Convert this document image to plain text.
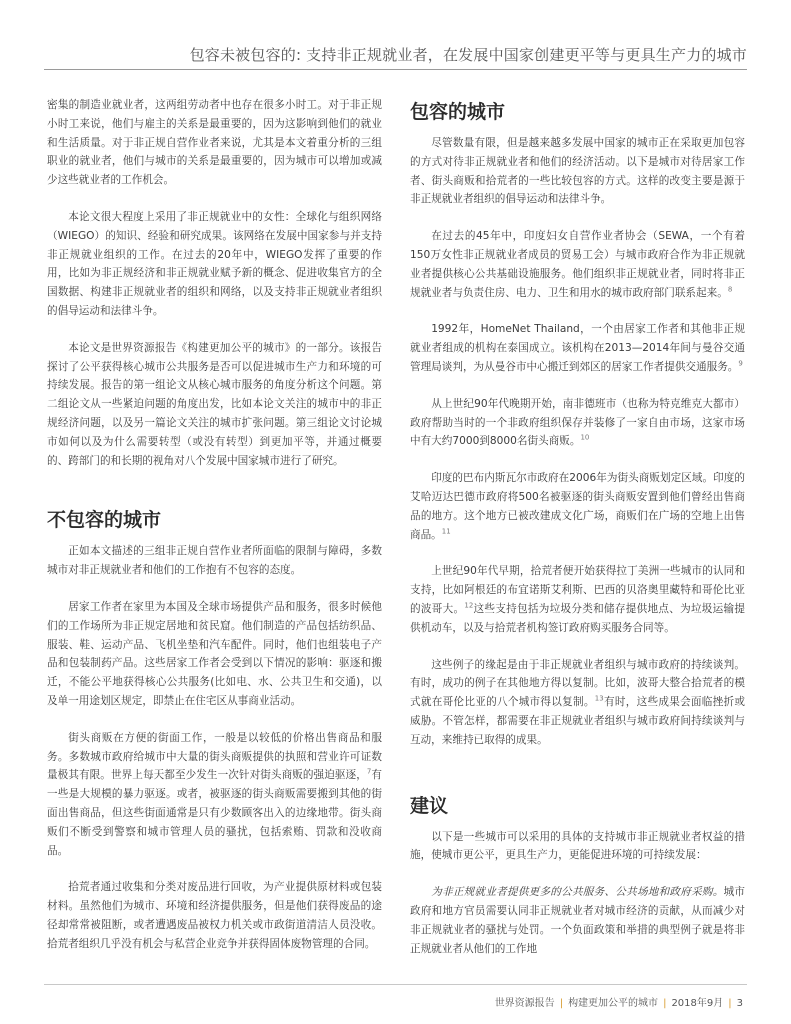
包容未被包容的: 支持非正规就业者，在发展中国家创建更平等与更具生产力的城市

密集的制造业就业者，这两组劳动者中也存在很多小时工。对于非正规小时工来说，他们与雇主的关系是最重要的，因为这影响到他们的就业和生活质量。对于非正规自营作业者来说，尤其是本文着重分析的三组职业的就业者，他们与城市的关系是最重要的，因为城市可以增加或减少这些就业者的工作机会。

本论文很大程度上采用了非正规就业中的女性：全球化与组织网络（WIEGO）的知识、经验和研究成果。该网络在发展中国家参与并支持非正规就业组织的工作。在过去的20年中，WIEGO发挥了重要的作用，比如为非正规经济和非正规就业赋予新的概念、促进收集官方的全国数据、构建非正规就业者的组织和网络，以及支持非正规就业者组织的倡导运动和法律斗争。

本论文是世界资源报告《构建更加公平的城市》的一部分。该报告探讨了公平获得核心城市公共服务是否可以促进城市生产力和环境的可持续发展。报告的第一组论文从核心城市服务的角度分析这个问题。第二组论文从一些紧迫问题的角度出发，比如本论文关注的城市中的非正规经济问题，以及另一篇论文关注的城市扩张问题。第三组论文讨论城市如何以及为什么需要转型（或没有转型）到更加平等，并通过概要的、跨部门的和长期的视角对八个发展中国家城市进行了研究。

不包容的城市

正如本文描述的三组非正规自营作业者所面临的限制与障碍，多数城市对非正规就业者和他们的工作抱有不包容的态度。

居家工作者在家里为本国及全球市场提供产品和服务，很多时候他们的工作场所为非正规定居地和贫民窟。他们制造的产品包括纺织品、服装、鞋、运动产品、飞机坐垫和汽车配件。同时，他们也组装电子产品和包装制药产品。这些居家工作者会受到以下情况的影响：驱逐和搬迁，不能公平地获得核心公共服务(比如电、水、公共卫生和交通)，以及单一用途划区规定，即禁止在住宅区从事商业活动。

街头商贩在方便的街面工作，一般是以较低的价格出售商品和服务。多数城市政府给城市中大量的街头商贩提供的执照和营业许可证数量极其有限。世界上每天都至少发生一次针对街头商贩的强迫驱逐，$^7$有一些是大规模的暴力驱逐。或者，被驱逐的街头商贩需要搬到其他的街面出售商品，但这些街面通常是只有少数顾客出入的边缘地带。街头商贩们不断受到警察和城市管理人员的骚扰，包括索贿、罚款和没收商品。

拾荒者通过收集和分类对废品进行回收，为产业提供原材料或包装材料。虽然他们为城市、环境和经济提供服务，但是他们获得废品的途径却常常被阻断，或者遭遇废品被权力机关或市政街道清洁人员没收。拾荒者组织几乎没有机会与私营企业竞争并获得固体废物管理的合同。

包容的城市

尽管数量有限，但是越来越多发展中国家的城市正在采取更加包容的方式对待非正规就业者和他们的经济活动。以下是城市对待居家工作者、街头商贩和拾荒者的一些比较包容的方式。这样的改变主要是源于非正规就业者组织的倡导运动和法律斗争。

在过去的45年中，印度妇女自营作业者协会（SEWA，一个有着150万女性非正规就业者成员的贸易工会）与城市政府合作为非正规就业者提供核心公共基础设施服务。他们组织非正规就业者，同时将非正规就业者与负责住房、电力、卫生和用水的城市政府部门联系起来。$^8$

1992年，HomeNet Thailand，一个由居家工作者和其他非正规就业者组成的机构在泰国成立。该机构在2013—2014年间与曼谷交通管理局谈判，为从曼谷市中心搬迁到郊区的居家工作者提供交通服务。$^9$

从上世纪90年代晚期开始，南非德班市（也称为特克维克大都市）政府帮助当时的一个非政府组织保存并装修了一家自由市场，这家市场中有大约7000到8000名街头商贩。$^{10}$

印度的巴布内斯瓦尔市政府在2006年为街头商贩划定区域。印度的艾哈迈达巴德市政府将500名被驱逐的街头商贩安置到他们曾经出售商品的地方。这个地方已被改建成文化广场，商贩们在广场的空地上出售商品。$^{11}$

上世纪90年代早期，拾荒者便开始获得拉丁美洲一些城市的认同和支持，比如阿根廷的布宜诺斯艾利斯、巴西的贝洛奥里藏特和哥伦比亚的波哥大。$^{12}$这些支持包括为垃圾分类和储存提供地点、为垃圾运输提供机动车，以及与拾荒者机构签订政府购买服务合同等。

这些例子的缘起是由于非正规就业者组织与城市政府的持续谈判。有时，成功的例子在其他地方得以复制。比如，波哥大整合拾荒者的模式就在哥伦比亚的八个城市得以复制。$^{13}$有时，这些成果会面临挫折或威胁。不管怎样，都需要在非正规就业者组织与城市政府间持续谈判与互动，来维持已取得的成果。

建议

以下是一些城市可以采用的具体的支持城市非正规就业者权益的措施，使城市更公平，更具生产力，更能促进环境的可持续发展：

为非正规就业者提供更多的公共服务、公共场地和政府采购。城市政府和地方官员需要认同非正规就业者对城市经济的贡献，从而减少对非正规就业者的骚扰与处罚。一个负面政策和举措的典型例子就是将非正规就业者从他们的工作地

世界资源报告 | 构建更加公平的城市 | 2018年9月 | 3
